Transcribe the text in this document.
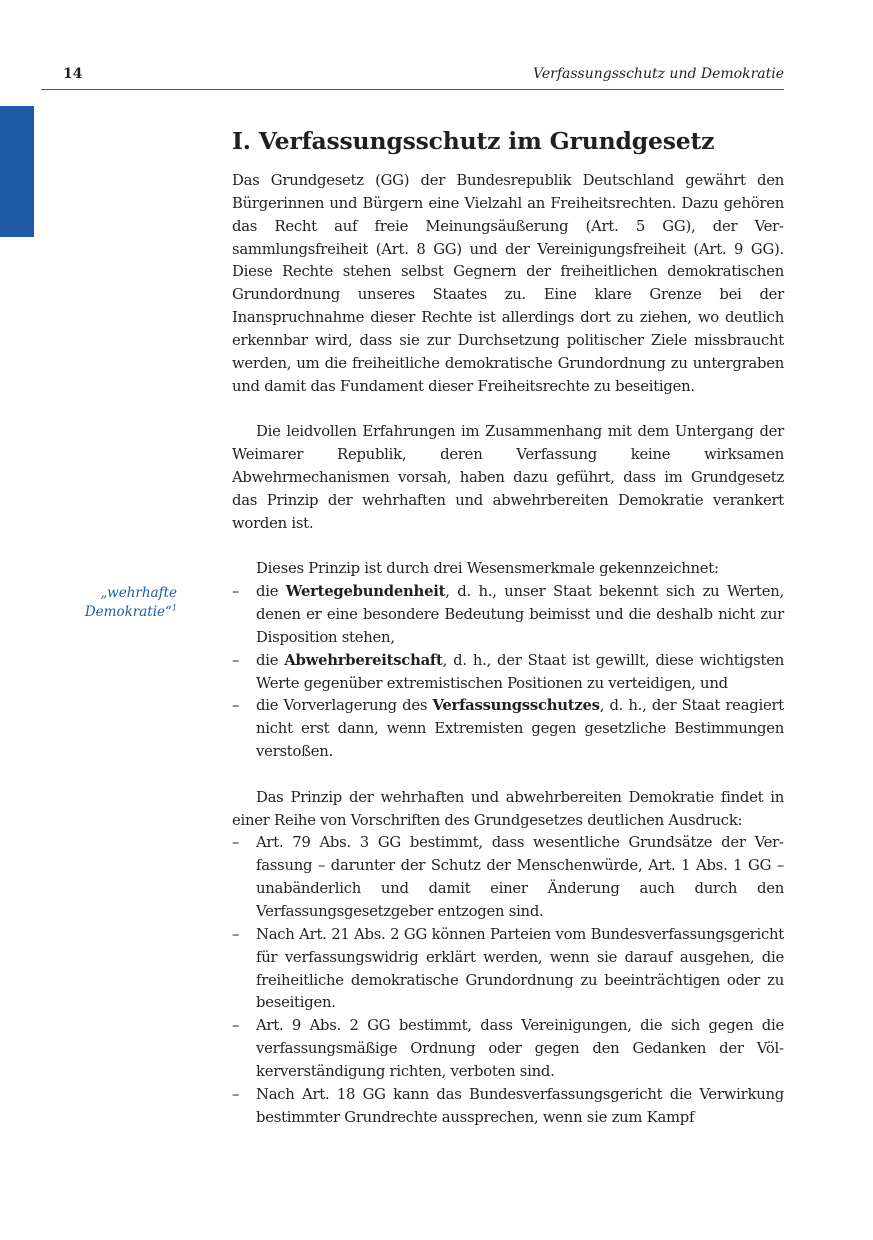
14	Verfassungsschutz und Demokratie
„wehrhafte
Demokratie“$^1$
I. Verfassungsschutz im Grundgesetz

Das Grundgesetz (GG) der Bundesrepublik Deutschland gewährt den Bürgerinnen und Bürgern eine Vielzahl an Freiheitsrechten. Dazu gehören das Recht auf freie Meinungsäußerung (Art. 5 GG), der Versammlungsfreiheit (Art. 8 GG) und der Vereinigungsfreiheit (Art. 9 GG). Diese Rechte stehen selbst Gegnern der freiheitlichen demokratischen Grundordnung unseres Staates zu. Eine klare Grenze bei der Inanspruchnahme dieser Rechte ist allerdings dort zu ziehen, wo deutlich erkennbar wird, dass sie zur Durchsetzung politischer Ziele missbraucht werden, um die freiheitliche demokratische Grundordnung zu untergraben und damit das Fundament dieser Freiheitsrechte zu beseitigen.

Die leidvollen Erfahrungen im Zusammenhang mit dem Untergang der Weimarer Republik, deren Verfassung keine wirksamen Abwehrmechanismen vorsah, haben dazu geführt, dass im Grundgesetz das Prinzip der wehrhaften und abwehrbereiten Demokratie verankert worden ist.

Dieses Prinzip ist durch drei Wesensmerkmale gekennzeichnet:

– die Wertegebundenheit, d. h., unser Staat bekennt sich zu Werten, denen er eine besondere Bedeutung beimisst und die deshalb nicht zur Disposition stehen,
– die Abwehrbereitschaft, d. h., der Staat ist gewillt, diese wichtigsten Werte gegenüber extremistischen Positionen zu verteidigen, und
– die Vorverlagerung des Verfassungsschutzes, d. h., der Staat reagiert nicht erst dann, wenn Extremisten gegen gesetzliche Bestimmungen verstoßen.

Das Prinzip der wehrhaften und abwehrbereiten Demokratie findet in einer Reihe von Vorschriften des Grundgesetzes deutlichen Ausdruck:

– Art. 79 Abs. 3 GG bestimmt, dass wesentliche Grundsätze der Verfassung – darunter der Schutz der Menschenwürde, Art. 1 Abs. 1 GG – unabänderlich und damit einer Änderung auch durch den Verfassungsgesetzgeber entzogen sind.
– Nach Art. 21 Abs. 2 GG können Parteien vom Bundesverfassungsgericht für verfassungswidrig erklärt werden, wenn sie darauf ausgehen, die freiheitliche demokratische Grundordnung zu beeinträchtigen oder zu beseitigen.
– Art. 9 Abs. 2 GG bestimmt, dass Vereinigungen, die sich gegen die verfassungsmäßige Ordnung oder gegen den Gedanken der Völkerverständigung richten, verboten sind.
– Nach Art. 18 GG kann das Bundesverfassungsgericht die Verwirkung bestimmter Grundrechte aussprechen, wenn sie zum Kampf
